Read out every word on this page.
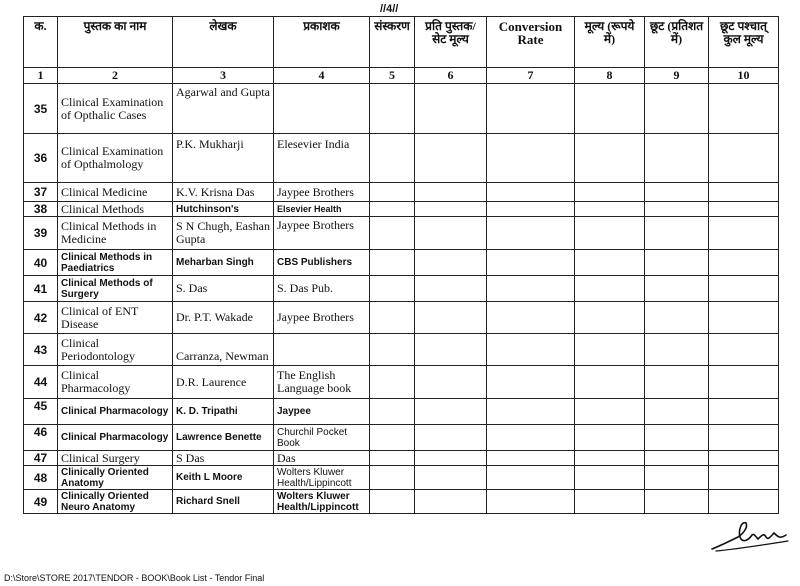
//4//
क.	पुस्तक का नाम	लेखक	प्रकाशक	संस्करण	प्रति पुस्तक/ सेट मूल्य	Conversion Rate	मूल्य (रूपये में)	छूट (प्रतिशत में)	छूट पश्चात् कुल मूल्य
1	2	3	4	5	6	7	8	9	10
35	Clinical Examination of Opthalic Cases	Agarwal and Gupta							
36	Clinical Examination of Opthalmology	P.K. Mukharji	Elesevier India						
37	Clinical Medicine	K.V. Krisna Das	Jaypee Brothers						
38	Clinical Methods	Hutchinson's	Elsevier Health						
39	Clinical Methods in Medicine	S N Chugh, Eashan Gupta	Jaypee Brothers						
40	Clinical Methods in Paediatrics	Meharban Singh	CBS Publishers						
41	Clinical Methods of Surgery	S. Das	S. Das Pub.						
42	Clinical of ENT Disease	Dr. P.T. Wakade	Jaypee Brothers						
43	Clinical Periodontology	Carranza, Newman							
44	Clinical Pharmacology	D.R. Laurence	The English Language book						
45	Clinical Pharmacology	K. D. Tripathi	Jaypee						
46	Clinical Pharmacology	Lawrence Benette	Churchil Pocket Book						
47	Clinical Surgery	S Das	Das						
48	Clinically Oriented Anatomy	Keith L Moore	Wolters Kluwer Health/Lippincott						
49	Clinically Oriented Neuro Anatomy	Richard Snell	Wolters Kluwer Health/Lippincott						
D:\Store\STORE 2017\TENDOR - BOOK\Book List - Tendor Final
